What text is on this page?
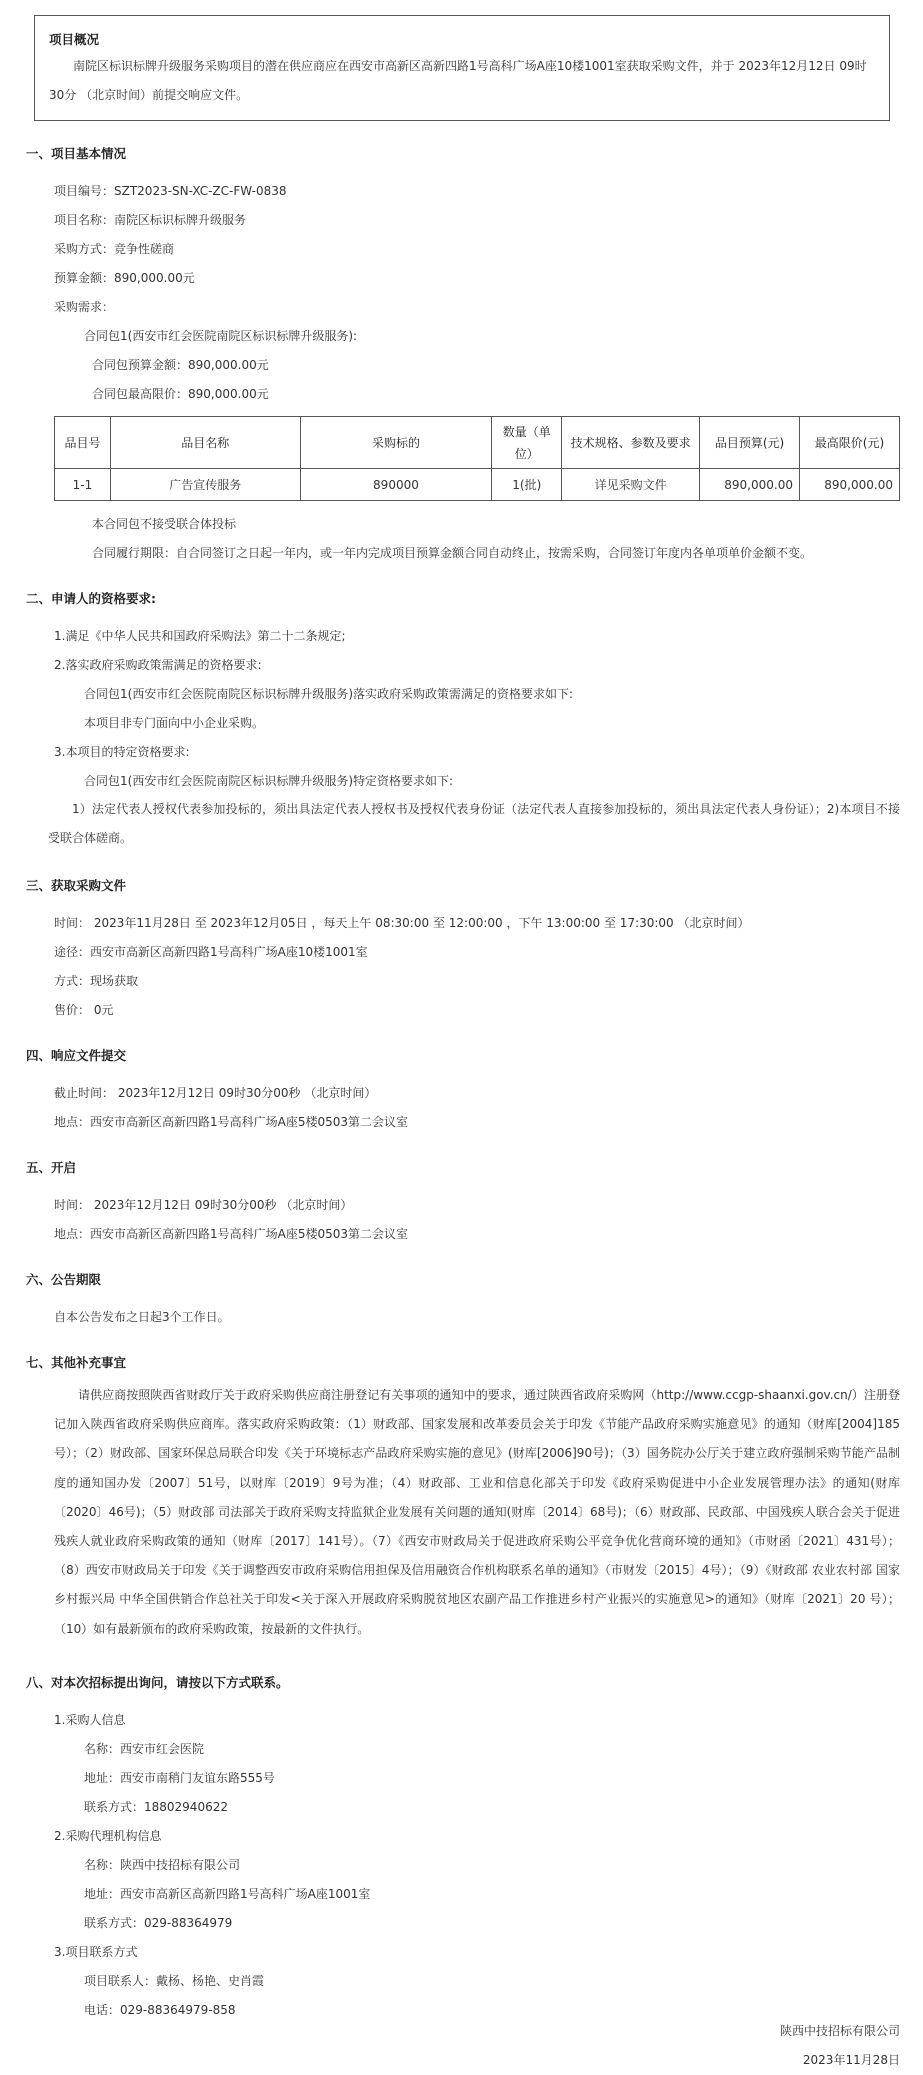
项目概况
南院区标识标牌升级服务采购项目的潜在供应商应在西安市高新区高新四路1号高科广场A座10楼1001室获取采购文件，并于 2023年12月12日 09时30分 （北京时间）前提交响应文件。
一、项目基本情况
项目编号：SZT2023-SN-XC-ZC-FW-0838
项目名称：南院区标识标牌升级服务
采购方式：竞争性磋商
预算金额：890,000.00元
采购需求：
合同包1(西安市红会医院南院区标识标牌升级服务):
合同包预算金额：890,000.00元
合同包最高限价：890,000.00元
品目号	品目名称	采购标的	数量（单位）	技术规格、参数及要求	品目预算(元)	最高限价(元)
1-1	广告宣传服务	890000	1(批)	详见采购文件	890,000.00	890,000.00
本合同包不接受联合体投标
合同履行期限：自合同签订之日起一年内，或一年内完成项目预算金额合同自动终止，按需采购，合同签订年度内各单项单价金额不变。
二、申请人的资格要求:
1.满足《中华人民共和国政府采购法》第二十二条规定;
2.落实政府采购政策需满足的资格要求:
合同包1(西安市红会医院南院区标识标牌升级服务)落实政府采购政策需满足的资格要求如下:
本项目非专门面向中小企业采购。
3.本项目的特定资格要求:
合同包1(西安市红会医院南院区标识标牌升级服务)特定资格要求如下:
1）法定代表人授权代表参加投标的，须出具法定代表人授权书及授权代表身份证（法定代表人直接参加投标的，须出具法定代表人身份证）；2)本项目不接受联合体磋商。
三、获取采购文件
时间： 2023年11月28日 至 2023年12月05日 ，每天上午 08:30:00 至 12:00:00 ，下午 13:00:00 至 17:30:00 （北京时间）
途径：西安市高新区高新四路1号高科广场A座10楼1001室
方式：现场获取
售价： 0元
四、响应文件提交
截止时间： 2023年12月12日 09时30分00秒 （北京时间）
地点：西安市高新区高新四路1号高科广场A座5楼0503第二会议室
五、开启
时间： 2023年12月12日 09时30分00秒 （北京时间）
地点：西安市高新区高新四路1号高科广场A座5楼0503第二会议室
六、公告期限
自本公告发布之日起3个工作日。
七、其他补充事宜
请供应商按照陕西省财政厅关于政府采购供应商注册登记有关事项的通知中的要求，通过陕西省政府采购网（http://www.ccgp-shaanxi.gov.cn/）注册登记加入陕西省政府采购供应商库。落实政府采购政策：（1）财政部、国家发展和改革委员会关于印发《节能产品政府采购实施意见》的通知（财库[2004]185号）；（2）财政部、国家环保总局联合印发《关于环境标志产品政府采购实施的意见》(财库[2006]90号)；（3）国务院办公厅关于建立政府强制采购节能产品制度的通知国办发〔2007〕51号，以财库〔2019〕9号为准；（4）财政部、工业和信息化部关于印发《政府采购促进中小企业发展管理办法》的通知(财库〔2020〕46号)；（5）财政部 司法部关于政府采购支持监狱企业发展有关问题的通知(财库〔2014〕68号)；（6）财政部、民政部、中国残疾人联合会关于促进残疾人就业政府采购政策的通知（财库〔2017〕141号）。（7）《西安市财政局关于促进政府采购公平竞争优化营商环境的通知》（市财函〔2021〕431号）；（8）西安市财政局关于印发《关于调整西安市政府采购信用担保及信用融资合作机构联系名单的通知》（市财发〔2015〕4号）；（9）《财政部 农业农村部 国家乡村振兴局 中华全国供销合作总社关于印发<关于深入开展政府采购脱贫地区农副产品工作推进乡村产业振兴的实施意见>的通知》（财库〔2021〕20 号）；（10）如有最新颁布的政府采购政策，按最新的文件执行。
八、对本次招标提出询问，请按以下方式联系。
1.采购人信息
名称：西安市红会医院
地址：西安市南稍门友谊东路555号
联系方式：18802940622
2.采购代理机构信息
名称：陕西中技招标有限公司
地址：西安市高新区高新四路1号高科广场A座1001室
联系方式：029-88364979
3.项目联系方式
项目联系人：戴杨、杨艳、史肖霞
电话：029-88364979-858
陕西中技招标有限公司
2023年11月28日
